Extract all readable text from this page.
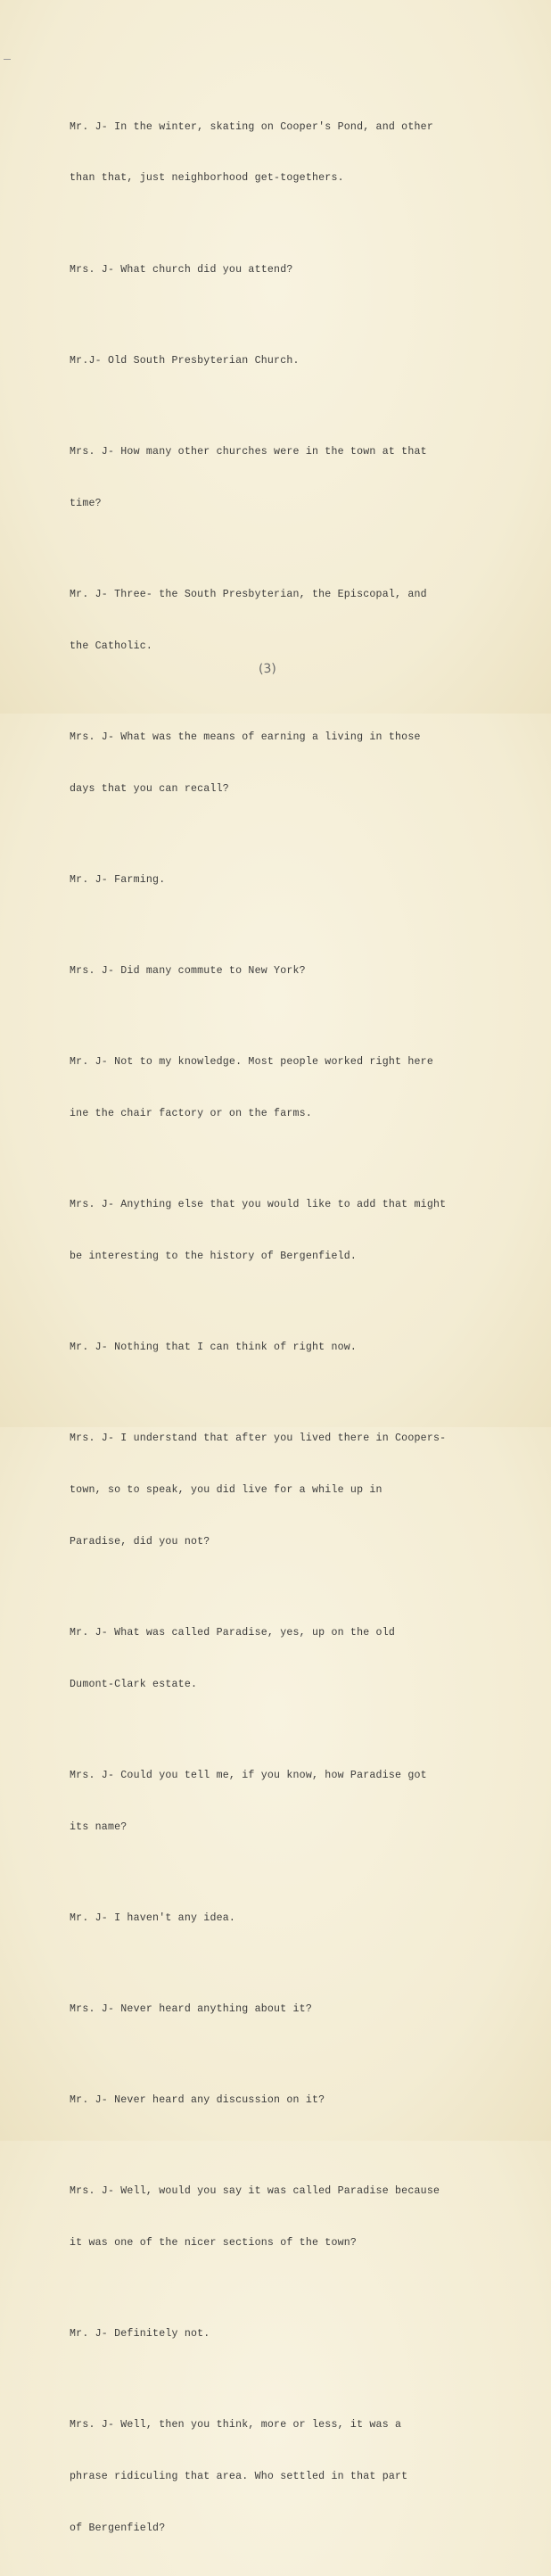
Mr. J- In the winter, skating on Cooper's Pond, and other

than that, just neighborhood get-togethers.

Mrs. J- What church did you attend?

Mr.J- Old South Presbyterian Church.

Mrs. J- How many other churches were in the town at that

time?

Mr. J- Three- the South Presbyterian, the Episcopal, and

the Catholic.

Mrs. J- What was the means of earning a living in those

days that you can recall?

Mr. J- Farming.

Mrs. J- Did many commute to New York?

Mr. J- Not to my knowledge. Most people worked right here

ine the chair factory or on the farms.

Mrs. J- Anything else that you would like to add that might

be interesting to the history of Bergenfield.

Mr. J- Nothing that I can think of right now.

Mrs. J- I understand that after you lived there in Coopers-

town, so to speak, you did live for a while up in

Paradise, did you not?

Mr. J- What was called Paradise, yes, up on the old

Dumont-Clark estate.

Mrs. J- Could you tell me, if you know, how Paradise got

its name?

Mr. J- I haven't any idea.

Mrs. J- Never heard anything about it?

Mr. J- Never heard any discussion on it?

Mrs. J- Well, would you say it was called Paradise because

it was one of the nicer sections of the town?

Mr. J- Definitely not.

Mrs. J- Well, then you think, more or less, it was a

phrase ridiculing that area. Who settled in that part

of Bergenfield?

(3)
